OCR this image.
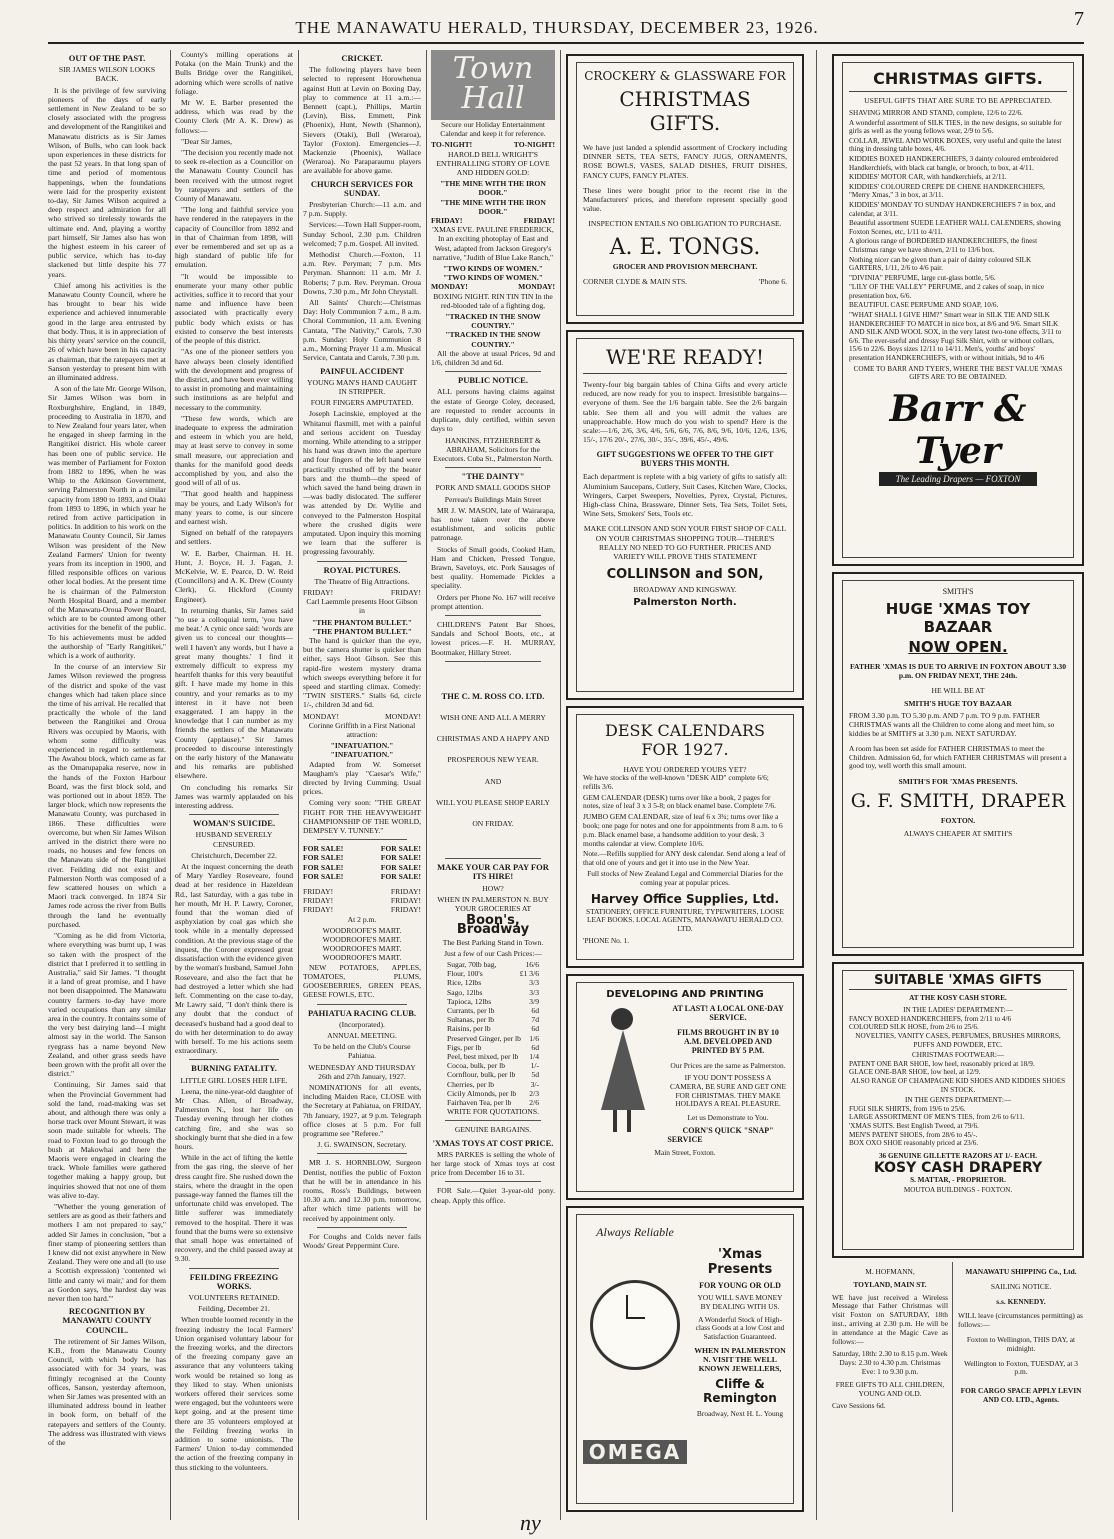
THE MANAWATU HERALD, THURSDAY, DECEMBER 23, 1926.	7
OUT OF THE PAST.
SIR JAMES WILSON LOOKS BACK.

It is the privilege of few surviving pioneers of the days of early settlement in New Zealand to be so closely associated with the progress and development of the Rangitikei and Manawatu districts as is Sir James Wilson, of Bulls, who can look back upon experiences in these districts for the past 52 years. In that long span of time and period of momentous happenings, when the foundations were laid for the prosperity existent to-day, Sir James Wilson acquired a deep respect and admiration for all who strived so tirelessly towards the ultimate end. And, playing a worthy part himself, Sir James also has won the highest esteem in his career of public service, which has to-day slackened but little despite his 77 years.

Chief among his activities is the Manawatu County Council, where he has brought to bear his wide experience and achieved innumerable good in the large area entrusted by that body. Thus, it is in appreciation of his thirty years' service on the council, 26 of which have been in his capacity as chairman, that the ratepayers met at Sanson yesterday to present him with an illuminated address.

A son of the late Mr. George Wilson, Sir James Wilson was born in Roxburghshire, England, in 1849, proceeding to Australia in 1870, and to New Zealand four years later, when he engaged in sheep farming in the Rangitikei district. His whole career has been one of public service. He was member of Parliament for Foxton from 1882 to 1896, when he was Whip to the Atkinson Government, serving Palmerston North in a similar capacity from 1890 to 1893, and Otaki from 1893 to 1896, in which year he retired from active participation in politics. In addition to his work on the Manawatu County Council, Sir James Wilson was president of the New Zealand Farmers' Union for twenty years from its inception in 1900, and filled responsible offices on various other local bodies. At the present time he is chairman of the Palmerston North Hospital Board, and a member of the Manawatu-Oroua Power Board, which are to be counted among other activities for the benefit of the public. To his achievements must be added the authorship of "Early Rangitikei," which is a work of authority.

In the course of an interview Sir James Wilson reviewed the progress of the district and spoke of the vast changes which had taken place since the time of his arrival. He recalled that practically the whole of the land between the Rangitikei and Oroua Rivers was occupied by Maoris, with whom some difficulty was experienced in regard to settlement. The Awahou block, which came as far as the Omarupapaka reserve, now in the hands of the Foxton Harbour Board, was the first block sold, and was portioned out in about 1859. The larger block, which now represents the Manawatu County, was purchased in 1866. These difficulties were overcome, but when Sir James Wilson arrived in the district there were no roads, no houses and few fences on the Manawatu side of the Rangitikei river. Feilding did not exist and Palmerston North was composed of a few scattered houses on which a Maori track converged. In 1874 Sir James rode across the river from Bulls through the land he eventually purchased.

"Coming as he did from Victoria, where everything was burnt up, I was so taken with the prospect of the district that I preferred it to settling in Australia," said Sir James. "I thought it a land of great promise, and I have not been disappointed. The Manawatu country farmers to-day have more varied occupations than any similar area in the country. It contains some of the very best dairying land—I might almost say in the world. The Sanson ryegrass has a name beyond New Zealand, and other grass seeds have been grown with the profit all over the district."

Continuing, Sir James said that when the Provincial Government had sold the land, road-making was set about, and although there was only a horse track over Mount Stewart, it was soon made suitable for wheels. The road to Foxton lead to go through the bush at Makowhai and here the Maoris were engaged in clearing the track. Whole families were gathered together making a happy group, but inquiries showed that not one of them was alive to-day.

"Whether the young generation of settlers are as good as their fathers and mothers I am not prepared to say," added Sir James in conclusion, "but a finer stamp of pioneering settlers than I knew did not exist anywhere in New Zealand. They were one and all (to use a Scottish expression) 'contented wi little and canty wi mair,' and for them as Gordon says, 'the hardest day was never then too hard.'"

RECOGNITION BY MANAWATU COUNTY COUNCIL.

The retirement of Sir James Wilson, K.B., from the Manawatu County Council, with which body he has associated with for 34 years, was fittingly recognised at the County offices, Sanson, yesterday afternoon, when Sir James was presented with an illuminated address bound in leather in book form, on behalf of the ratepayers and settlers of the County. The address was illustrated with views of the

County's milling operations at Potaka (on the Main Trunk) and the Bulls Bridge over the Rangitikei, adorning which were scrolls of native foliage.

Mr W. E. Barber presented the address, which was read by the County Clerk (Mr A. K. Drew) as follows:—

"Dear Sir James,

"The decision you recently made not to seek re-election as a Councillor on the Manawatu County Council has been received with the utmost regret by ratepayers and settlers of the County of Manawatu.

"The long and faithful service you have rendered in the ratepayers in the capacity of Councillor from 1892 and in that of Chairman from 1898, will ever be remembered and set up as a high standard of public life for emulation.

"It would be impossible to enumerate your many other public activities, suffice it to record that your name and influence have been associated with practically every public body which exists or has existed to conserve the best interests of the people of this district.

"As one of the pioneer settlers you have always been closely identified with the development and progress of the district, and have been ever willing to assist in promoting and maintaining such institutions as are helpful and necessary to the community.

"These few words, which are inadequate to express the admiration and esteem in which you are held, may at least serve to convey in some small measure, our appreciation and thanks for the manifold good deeds accomplished by you, and also the good will of all of us.

"That good health and happiness may be yours, and Lady Wilson's for many years to come, is our sincere and earnest wish.

Signed on behalf of the ratepayers and settlers.

W. E. Barber, Chairman. H. H. Hunt, J. Boyce, H. J. Fagan, J. McKelvie, W. E. Pearce, D. W. Reid (Councillors) and A. K. Drew (County Clerk), G. Hickford (County Engineer).

In returning thanks, Sir James said "to use a colloquial term, 'you have me beat.' A cynic once said: 'words are given us to conceal our thoughts—well I haven't any words, but I have a great many thoughts.' I find it extremely difficult to express my heartfelt thanks for this very beautiful gift. I have made my home in this country, and your remarks as to my interest in it have not been exaggerated. I am happy in the knowledge that I can number as my friends the settlers of the Manawatu County (applause)." Sir James proceeded to discourse interestingly on the early history of the Manawatu and his remarks are published elsewhere.

On concluding his remarks Sir James was warmly applauded on his interesting address.

WOMAN'S SUICIDE.
HUSBAND SEVERELY CENSURED.

Christchurch, December 22.

At the inquest concerning the death of Mary Yardley Roseveare, found dead at her residence in Hazeldean Rd., last Saturday, with a gas tube in her mouth, Mr H. P. Lawry, Coroner, found that the woman died of asphyxiation by coal gas which she took while in a mentally depressed condition. At the previous stage of the inquest, the Coroner expressed great dissatisfaction with the evidence given by the woman's husband, Samuel John Roseveare, and also the fact that he had destroyed a letter which she had left. Commenting on the case to-day, Mr Lawry said, "I don't think there is any doubt that the conduct of deceased's husband had a good deal to do with her determination to do away with herself. To me his actions seem extraordinary.

BURNING FATALITY.
LITTLE GIRL LOSES HER LIFE.

Leena, the nine-year-old daughter of Mr Chas. Allen, of Broadway, Palmerston N., lost her life on Tuesday evening through her clothes catching fire, and she was so shockingly burnt that she died in a few hours.

While in the act of lifting the kettle from the gas ring, the sleeve of her dress caught fire. She rushed down the stairs, where the draught in the open passage-way fanned the flames till the unfortunate child was enveloped. The little sufferer was immediately removed to the hospital. There it was found that the burns were so extensive that small hope was entertained of recovery, and the child passed away at 9.30.

FEILDING FREEZING WORKS.
VOLUNTEERS RETAINED.

Feilding, December 21.

When trouble loomed recently in the freezing industry the local Farmers' Union organised voluntary labour for the freezing works, and the directors of the freezing company gave an assurance that any volunteers taking work would be retained so long as they liked to stay. When unionists workers offered their services some were engaged, but the volunteers were kept going, and at the present time there are 35 volunteers employed at the Feilding freezing works in addition to some unionists. The Farmers' Union to-day commended the action of the freezing company in thus sticking to the volunteers.

CRICKET.

The following players have been selected to represent Horowhenua against Hutt at Levin on Boxing Day, play to commence at 11 a.m.:—Bennett (capt.), Phillips, Martin (Levin), Biss, Emmett, Pink (Phoenix), Hunt, Newth (Shannon), Sievers (Otaki), Bull (Weraroa), Taylor (Foxton). Emergencies—J. Mackenzie (Phoenix), Wallace (Weraroa). No Paraparaumu players are available for above game.

CHURCH SERVICES FOR SUNDAY.

Presbyterian Church:—11 a.m. and 7 p.m. Supply.

Services:—Town Hall Supper-room, Sunday School, 2.30 p.m. Children welcomed; 7 p.m. Gospel. All invited.

Methodist Church.—Foxton, 11 a.m. Rev. Peryman; 7 p.m. Mrs Peryman. Shannon: 11 a.m. Mr J. Roberts; 7 p.m. Rev. Peryman. Oroua Downs, 7.30 p.m., Mr John Chrystall.

All Saints' Church:—Christmas Day: Holy Communion 7 a.m., 8 a.m. Choral Communion, 11 a.m. Evening Cantata, "The Nativity," Carols, 7.30 p.m. Sunday: Holy Communion 8 a.m., Morning Prayer 11 a.m. Musical Service, Cantata and Carols, 7.30 p.m.

PAINFUL ACCIDENT
YOUNG MAN'S HAND CAUGHT IN STRIPPER.
FOUR FINGERS AMPUTATED.

Joseph Lacinskie, employed at the Whitanui flaxmill, met with a painful and serious accident on Tuesday morning. While attending to a stripper his hand was drawn into the aperture and four fingers of the left hand were practically crushed off by the beater bars and the thumb—the speed of which saved the hand being drawn in—was badly dislocated. The sufferer was attended by Dr. Wyllie and conveyed to the Palmerston Hospital where the crushed digits were amputated. Upon inquiry this morning we learn that the sufferer is progressing favourably.

ROYAL PICTURES.
The Theatre of Big Attractions.
FRIDAY!	FRIDAY!

Carl Laemmle presents Hoot Gibson in

"THE PHANTOM BULLET."
"THE PHANTOM BULLET."

The hand is quicker than the eye, but the camera shutter is quicker than either, says Hoot Gibson. See this rapid-fire western mystery drama which sweeps everything before it for speed and startling climax. Comedy: "TWIN SISTERS." Stalls 6d, circle 1/-, children 3d and 6d.

MONDAY!	MONDAY!

Corinne Griffith in a First National attraction:

"INFATUATION."
"INFATUATION."

Adapted from W. Somerset Maugham's play "Caesar's Wife," directed by Irving Cumming. Usual prices.

Coming very soon: "THE GREAT FIGHT FOR THE HEAVYWEIGHT CHAMPIONSHIP OF THE WORLD, DEMPSEY V. TUNNEY."

FOR SALE!	FOR SALE!
FOR SALE!	FOR SALE!
FOR SALE!	FOR SALE!
FOR SALE!	FOR SALE!
FRIDAY!	FRIDAY!
FRIDAY!	FRIDAY!
FRIDAY!	FRIDAY!

At 2 p.m.

WOODROOFE'S MART.
WOODROOFE'S MART.
WOODROOFE'S MART.
WOODROOFE'S MART.

NEW POTATOES, APPLES, TOMATOES, PLUMS, GOOSEBERRIES, GREEN PEAS, GEESE FOWLS, ETC.

PAHIATUA RACING CLUB.
(Incorporated).
ANNUAL MEETING.

To be held on the Club's Course Pahiatua.

WEDNESDAY AND THURSDAY 26th and 27th January, 1927.

NOMINATIONS for all events, including Maiden Race, CLOSE with the Secretary at Pahiatua, on FRIDAY, 7th January, 1927, at 9 p.m. Telegraph office closes at 5 p.m. For full programme see "Referee."

J. G. SWAINSON, Secretary.

MR J. S. HORNBLOW, Surgeon Dentist, notifies the public of Foxton that he will be in attendance in his rooms, Ross's Buildings, between 10.30 a.m. and 12.30 p.m. tomorrow, after which time patients will be received by appointment only.

For Coughs and Colds never fails Woods' Great Peppermint Cure.

Town Hall

Secure our Holiday Entertainment Calendar and keep it for reference.

TO-NIGHT!	TO-NIGHT!

HAROLD BELL WRIGHT'S ENTHRALLING STORY OF LOVE AND HIDDEN GOLD:

"THE MINE WITH THE IRON DOOR."
"THE MINE WITH THE IRON DOOR."
FRIDAY!	FRIDAY!

'XMAS EVE. PAULINE FREDERICK, In an exciting photoplay of East and West, adapted from Jackson Gregory's narrative, "Judith of Blue Lake Ranch,"

"TWO KINDS OF WOMEN."
"TWO KINDS OF WOMEN."
MONDAY!	MONDAY!

BOXING NIGHT. RIN TIN TIN In the red-blooded tale of a fighting dog,

"TRACKED IN THE SNOW COUNTRY."
"TRACKED IN THE SNOW COUNTRY."

All the above at usual Prices, 9d and 1/6, children 3d and 6d.

PUBLIC NOTICE.

ALL persons having claims against the estate of George Coley, deceased, are requested to render accounts in duplicate, duly certified, within seven days to

HANKINS, FITZHERBERT & ABRAHAM, Solicitors for the Executors. Cuba St., Palmerston North.

"THE DAINTY"
PORK AND SMALL GOODS SHOP
Perreau's Buildings Main Street

MR J. W. MASON, late of Wairarapa, has now taken over the above establishment, and solicits public patronage.

Stocks of Small goods, Cooked Ham, Ham and Chicken, Pressed Tongue, Brawn, Saveloys, etc. Pork Sausages of best quality. Homemade Pickles a speciality.

Orders per Phone No. 167 will receive prompt attention.

CHILDREN'S Patent Bar Shoes, Sandals and School Boots, etc., at lowest prices.—F. H. MURRAY, Bootmaker, Hillary Street.

THE C. M. ROSS CO. LTD.

WISH ONE AND ALL A MERRY

CHRISTMAS AND A HAPPY AND

PROSPEROUS NEW YEAR.

AND

WILL YOU PLEASE SHOP EARLY

ON FRIDAY.

MAKE YOUR CAR PAY FOR ITS HIRE!
HOW?

WHEN IN PALMERSTON N. BUY YOUR GROCERIES AT

Boon's, Broadway

The Best Parking Stand in Town.

Just a few of our Cash Prices:—

Sugar, 70lb bag,	16/6
Flour, 100's	£1 3/6
Rice, 12lbs	3/3
Sago, 12lbs	3/3
Tapioca, 12lbs	3/9
Currants, per lb	6d
Sultanas, per lb	7d
Raisins, per lb	6d
Preserved Ginger, per lb 1/6
Figs, per lb	6d
Peel, best mixed, per lb 1/4
Cocoa, bulk, per lb	1/-
Cornflour, bulk, per lb 5d
Cherries, per lb	3/-
Cicily Almonds, per lb 2/3
Fairhaven Tea, per lb 2/6

WRITE FOR QUOTATIONS.

GENUINE BARGAINS.
'XMAS TOYS AT COST PRICE.

MRS PARKES is selling the whole of her large stock of Xmas toys at cost price from December 16 to 31.

FOR Sale.—Quiet 3-year-old pony. cheap. Apply this office.

CROCKERY & GLASSWARE FOR
CHRISTMAS GIFTS.

We have just landed a splendid assortment of Crockery including DINNER SETS, TEA SETS, FANCY JUGS, ORNAMENTS, ROSE BOWLS, VASES, SALAD DISHES, FRUIT DISHES, FANCY CUPS, FANCY PLATES.

These lines were bought prior to the recent rise in the Manufacturers' prices, and therefore represent specially good value.

INSPECTION ENTAILS NO OBLIGATION TO PURCHASE.

A. E. TONGS.
GROCER AND PROVISION MERCHANT.
CORNER CLYDE & MAIN STS.	'Phone 6.
WE'RE READY!

Twenty-four big bargain tables of China Gifts and every article reduced, are now ready for you to inspect. Irresistible bargains—everyone of them. See the 1/6 bargain table. See the 2/6 bargain table. See them all and you will admit the values are unapproachable. How much do you wish to spend? Here is the scale:—1/6, 2/6, 3/6, 4/6, 5/6, 6/6, 7/6, 8/6, 9/6, 10/6, 12/6, 13/6, 15/-, 17/6 20/-, 27/6, 30/-, 35/-, 39/6, 45/-, 49/6.

GIFT SUGGESTIONS WE OFFER TO THE GIFT BUYERS THIS MONTH.

Each department is replete with a big variety of gifts to satisfy all: Aluminium Saucepans, Cutlery, Suit Cases, Kitchen Ware, Clocks, Wringers, Carpet Sweepers, Novelties, Pyrex, Crystal, Pictures, High-class China, Brassware, Dinner Sets, Tea Sets, Toilet Sets, Wine Sets, Smokers' Sets, Tools etc.

MAKE COLLINSON AND SON YOUR FIRST SHOP OF CALL ON YOUR CHRISTMAS SHOPPING TOUR—THERE'S REALLY NO NEED TO GO FURTHER. PRICES AND VARIETY WILL PROVE THIS STATEMENT

COLLINSON and SON,
BROADWAY AND KINGSWAY.
Palmerston North.
DESK CALENDARS
FOR 1927.
HAVE YOU ORDERED YOURS YET?

We have stocks of the well-known "DESK AID" complete 6/6; refills 3/6.

GEM CALENDAR (DESK) turns over like a book, 2 pages for notes, size of leaf 3 x 3 5-8; on black enamel base. Complete 7/6.

JUMBO GEM CALENDAR, size of leaf 6 x 3¾; turns over like a book; one page for notes and one for appointments from 8 a.m. to 6 p.m. Black enamel base, a handsome addition to your desk. 3 months calendar at view. Complete 10/6.

Note.—Refills supplied for ANY desk calendar. Send along a leaf of that old one of yours and get it into use in the New Year.

Full stocks of New Zealand Legal and Commercial Diaries for the coming year at popular prices.

Harvey Office Supplies, Ltd.

STATIONERY, OFFICE FURNITURE, TYPEWRITERS, LOOSE LEAF BOOKS. LOCAL AGENTS, MANAWATU HERALD CO. LTD.

'PHONE No. 1.
DEVELOPING AND PRINTING
AT LAST! A LOCAL ONE-DAY SERVICE.
FILMS BROUGHT IN BY 10 A.M. DEVELOPED AND PRINTED BY 5 P.M.
Our Prices are the same as Palmerston.
IF YOU DON'T POSSESS A CAMERA, BE SURE AND GET ONE FOR CHRISTMAS. THEY MAKE HOLIDAYS A REAL PLEASURE.
Let us Demonstrate to You.
CORN'S QUICK "SNAP" SERVICE
Main Street, Foxton.
Always Reliable
OMEGA
'Xmas Presents
FOR YOUNG OR OLD
YOU WILL SAVE MONEY BY DEALING WITH US.
A Wonderful Stock of High-class Goods at a low Cost and Satisfaction Guaranteed.
WHEN IN PALMERSTON N. VISIT THE WELL KNOWN JEWELLERS,
Cliffe & Remington
Broadway, Next H. L. Young
CHRISTMAS GIFTS.
USEFUL GIFTS THAT ARE SURE TO BE APPRECIATED.

SHAVING MIRROR AND STAND, complete, 12/6 to 22/6.

A wonderful assortment of SILK TIES, in the new designs, so suitable for girls as well as the young fellows wear, 2/9 to 5/6.

COLLAR, JEWEL AND WORK BOXES, very useful and quite the latest thing in dressing table boxes, 4/6.

KIDDIES BOXED HANDKERCHIEFS, 3 dainty coloured embroidered Handkerchiefs, with black cat bangle, or brooch, to box, at 4/11.

KIDDIES' MOTOR CAR, with handkerchiefs, at 2/11.

KIDDIES' COLOURED CREPE DE CHENE HANDKERCHIEFS, "Merry Xmas," 3 in box, at 3/11.

KIDDIES' MONDAY TO SUNDAY HANDKERCHIEFS 7 in box, and calendar, at 3/11.

Beautiful assortment SUEDE LEATHER WALL CALENDERS, showing Foxton Scenes, etc, 1/11 to 4/11.

A glorious range of BORDERED HANDKERCHIEFS, the finest Christmas range we have shown, 2/11 to 13/6 box.

Nothing nicer can be given than a pair of dainty coloured SILK GARTERS, 1/11, 2/6 to 4/6 pair.

"DIVINIA" PERFUME, large cut-glass bottle, 5/6.

"LILY OF THE VALLEY" PERFUME, and 2 cakes of soap, in nice presentation box, 6/6.

BEAUTIFUL CASE PERFUME AND SOAP, 10/6.

"WHAT SHALL I GIVE HIM?" Smart wear in SILK TIE AND SILK HANDKERCHIEF TO MATCH in nice box, at 8/6 and 9/6. Smart SILK AND SILK AND WOOL SOX, in the very latest two-tone effects, 3/11 to 6/6. The ever-useful and dressy Fugi Silk Shirt, with or without collars, 15/6 to 22/6. Boys sizes 12/11 to 14/11. Men's, youths' and boys' presentation HANDKERCHIEFS, with or without initials, 9d to 4/6

COME TO BARR AND TYER'S, WHERE THE BEST VALUE 'XMAS GIFTS ARE TO BE OBTAINED.

Barr & Tyer
The Leading Drapers — FOXTON
SMITH'S
HUGE 'XMAS TOY BAZAAR
NOW OPEN.
FATHER 'XMAS IS DUE TO ARRIVE IN FOXTON ABOUT 3.30 p.m. ON FRIDAY NEXT, THE 24th.
HE WILL BE AT
SMITH'S HUGE TOY BAZAAR
FROM 3.30 p.m. TO 5.30 p.m. AND 7 p.m. TO 9 p.m. FATHER CHRISTMAS wants all the Children to come along and meet him, so kiddies be at SMITH'S at 3.30 p.m. NEXT SATURDAY.
A room has been set aside for FATHER CHRISTMAS to meet the Children. Admission 6d, for which FATHER CHRISTMAS will present a good toy, well worth this small amount.
SMITH'S FOR 'XMAS PRESENTS.
G. F. SMITH, DRAPER
FOXTON.
ALWAYS CHEAPER AT SMITH'S
SUITABLE 'XMAS GIFTS
AT THE KOSY CASH STORE.
IN THE LADIES' DEPARTMENT:—
FANCY BOXED HANDKERCHIEFS, from 2/11 to 4/6
COLOURED SILK HOSE, from 2/6 to 25/6.
NOVELTIES, VANITY CASES, PERFUMES, BRUSHES MIRRORS, PUFFS AND POWDER, ETC.
CHRISTMAS FOOTWEAR:—
PATENT ONE BAR SHOE, low heel, reasonably priced at 18/9.
GLACE ONE-BAR SHOE, low heel, at 12/9.
ALSO RANGE OF CHAMPAGNE KID SHOES AND KIDDIES SHOES IN STOCK.
IN THE GENTS DEPARTMENT:—
FUGI SILK SHIRTS, from 19/6 to 25/6.
LARGE ASSORTMENT OF MEN'S TIES, from 2/6 to 6/11.
'XMAS SUITS. Best English Tweed, at 79/6.
MEN'S PATENT SHOES, from 28/6 to 45/-.
BOX OXO SHOE reasonably priced at 23/6.
36 GENUINE GILLETTE RAZORS AT 1/- EACH.
KOSY CASH DRAPERY
S. MATTAR, - PROPRIETOR.
MOUTOA BUILDINGS - FOXTON.
M. HOFMANN,
TOYLAND, MAIN ST.

WE have just received a Wireless Message that Father Christmas will visit Foxton on SATURDAY, 18th inst., arriving at 2.30 p.m. He will be in attendance at the Magic Cave as follows:—

Saturday, 18th: 2.30 to 8.15 p.m. Week Days: 2.30 to 4.30 p.m. Christmas Eve: 1 to 9.30 p.m.

FREE GIFTS TO ALL CHILDREN, YOUNG AND OLD.

Cave Sessions 6d.

MANAWATU SHIPPING Co., Ltd.
SAILING NOTICE.
s.s. KENNEDY.

WILL leave (circumstances permitting) as follows:—

Foxton to Wellington, THIS DAY, at midnight.

Wellington to Foxton, TUESDAY, at 3 p.m.

FOR CARGO SPACE APPLY LEVIN AND CO. LTD., Agents.

ny
